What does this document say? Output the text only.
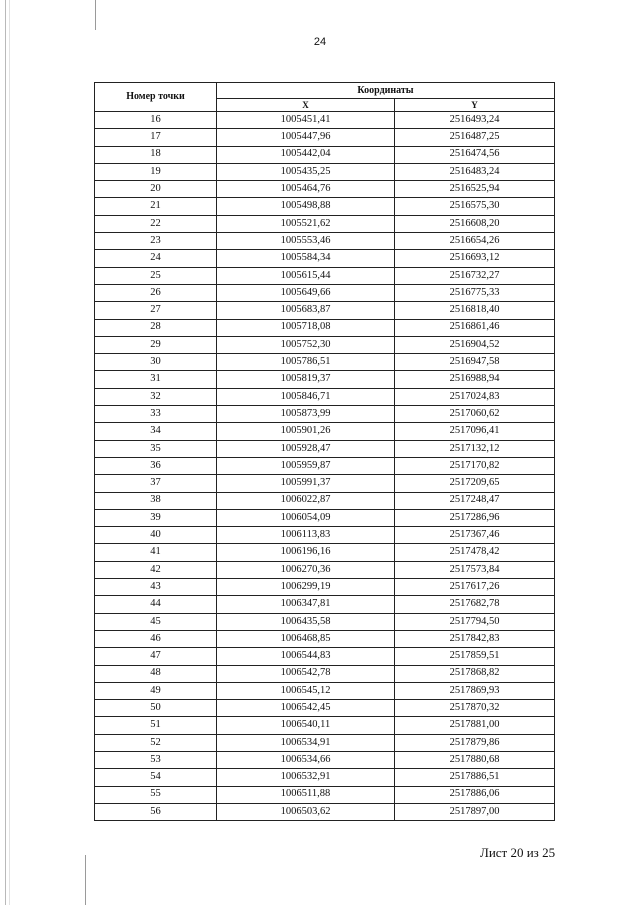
24
Номер точки	Координаты	
	X	Y
16	1005451,41	2516493,24
17	1005447,96	2516487,25
18	1005442,04	2516474,56
19	1005435,25	2516483,24
20	1005464,76	2516525,94
21	1005498,88	2516575,30
22	1005521,62	2516608,20
23	1005553,46	2516654,26
24	1005584,34	2516693,12
25	1005615,44	2516732,27
26	1005649,66	2516775,33
27	1005683,87	2516818,40
28	1005718,08	2516861,46
29	1005752,30	2516904,52
30	1005786,51	2516947,58
31	1005819,37	2516988,94
32	1005846,71	2517024,83
33	1005873,99	2517060,62
34	1005901,26	2517096,41
35	1005928,47	2517132,12
36	1005959,87	2517170,82
37	1005991,37	2517209,65
38	1006022,87	2517248,47
39	1006054,09	2517286,96
40	1006113,83	2517367,46
41	1006196,16	2517478,42
42	1006270,36	2517573,84
43	1006299,19	2517617,26
44	1006347,81	2517682,78
45	1006435,58	2517794,50
46	1006468,85	2517842,83
47	1006544,83	2517859,51
48	1006542,78	2517868,82
49	1006545,12	2517869,93
50	1006542,45	2517870,32
51	1006540,11	2517881,00
52	1006534,91	2517879,86
53	1006534,66	2517880,68
54	1006532,91	2517886,51
55	1006511,88	2517886,06
56	1006503,62	2517897,00
Лист 20 из 25
